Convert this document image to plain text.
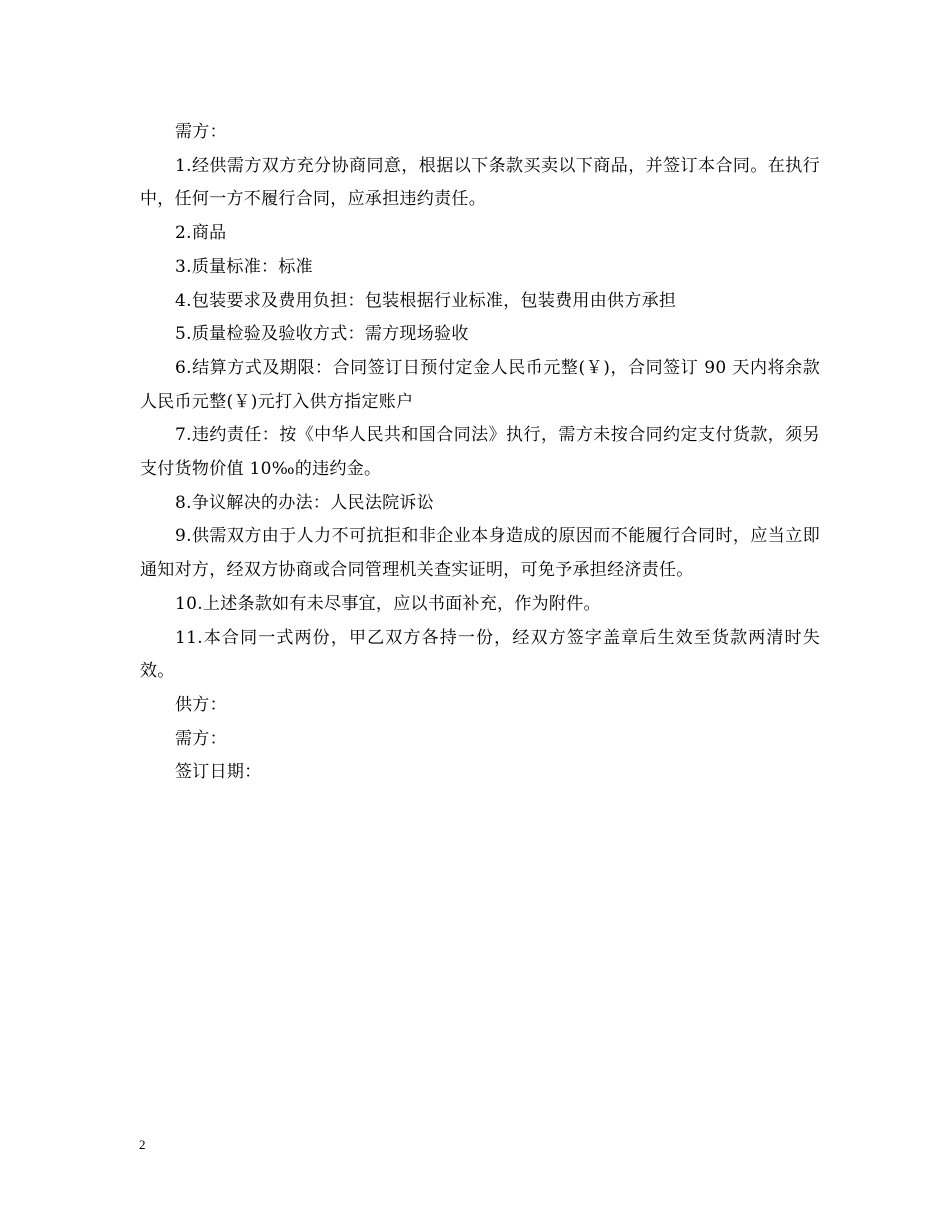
需方：

1.经供需方双方充分协商同意，根据以下条款买卖以下商品，并签订本合同。在执行中，任何一方不履行合同，应承担违约责任。

2.商品

3.质量标准：标准

4.包装要求及费用负担：包装根据行业标准，包装费用由供方承担

5.质量检验及验收方式：需方现场验收

6.结算方式及期限：合同签订日预付定金人民币元整(￥)，合同签订 90 天内将余款人民币元整(￥)元打入供方指定账户

7.违约责任：按《中华人民共和国合同法》执行，需方未按合同约定支付货款，须另支付货物价值 10‰的违约金。

8.争议解决的办法：人民法院诉讼

9.供需双方由于人力不可抗拒和非企业本身造成的原因而不能履行合同时，应当立即通知对方，经双方协商或合同管理机关查实证明，可免予承担经济责任。

10.上述条款如有未尽事宜，应以书面补充，作为附件。

11.本合同一式两份，甲乙双方各持一份，经双方签字盖章后生效至货款两清时失效。

供方：

需方：

签订日期：

2
